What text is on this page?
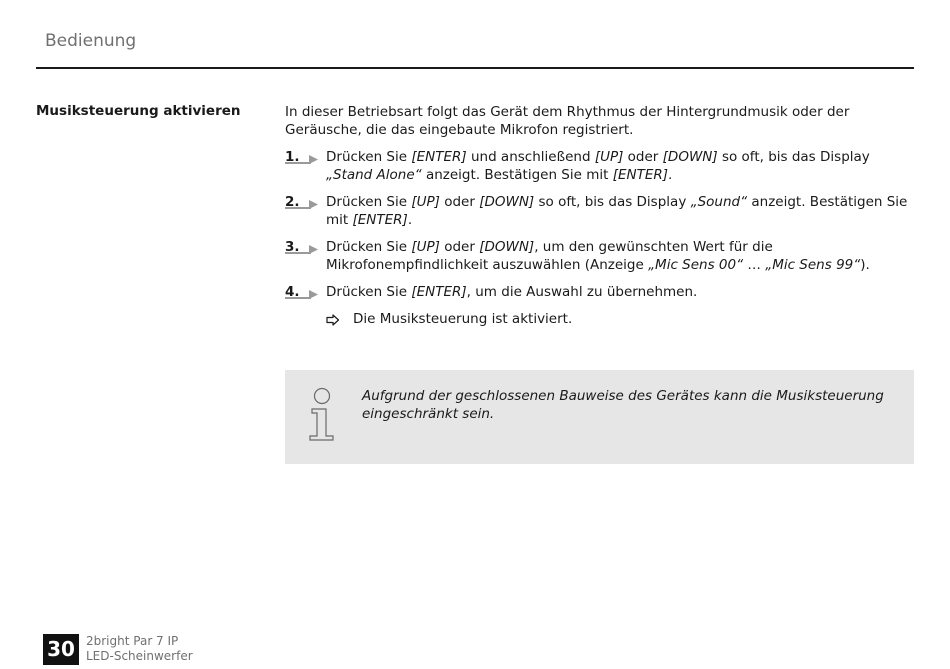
Bedienung
Musiksteuerung aktivieren	In dieser Betriebsart folgt das Gerät dem Rhythmus der Hintergrundmusik oder der Geräusche, die das eingebaute Mikrofon registriert.

1. Drücken Sie [ENTER] und anschließend [UP] oder [DOWN] so oft, bis das Display „Stand Alone“ anzeigt. Bestätigen Sie mit [ENTER].
2. Drücken Sie [UP] oder [DOWN] so oft, bis das Display „Sound“ anzeigt. Bestätigen Sie mit [ENTER].
3. Drücken Sie [UP] oder [DOWN], um den gewünschten Wert für die Mikrofonempfindlichkeit auszuwählen (Anzeige „Mic Sens 00“ … „Mic Sens 99“).
4. Drücken Sie [ENTER], um die Auswahl zu übernehmen.
Die Musiksteuerung ist aktiviert.
Aufgrund der geschlossenen Bauweise des Gerätes kann die Musiksteuerung eingeschränkt sein.
30 2bright Par 7 IP
LED-Scheinwerfer
